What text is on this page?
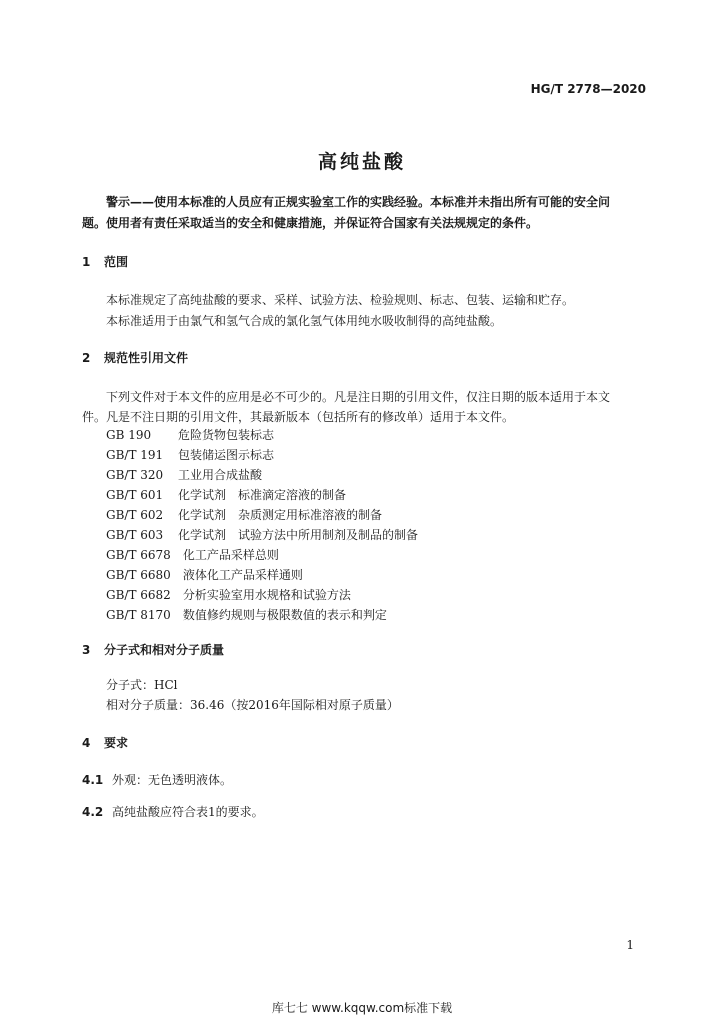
HG/T 2778—2020
高纯盐酸
警示——使用本标准的人员应有正规实验室工作的实践经验。本标准并未指出所有可能的安全问
题。使用者有责任采取适当的安全和健康措施，并保证符合国家有关法规规定的条件。
1 范围
本标准规定了高纯盐酸的要求、采样、试验方法、检验规则、标志、包装、运输和贮存。
本标准适用于由氯气和氢气合成的氯化氢气体用纯水吸收制得的高纯盐酸。
2 规范性引用文件
下列文件对于本文件的应用是必不可少的。凡是注日期的引用文件，仅注日期的版本适用于本文
件。凡是不注日期的引用文件，其最新版本（包括所有的修改单）适用于本文件。
GB 190　 危险货物包装标志
GB/T 191　 包装储运图示标志
GB/T 320　 工业用合成盐酸
GB/T 601　 化学试剂　标准滴定溶液的制备
GB/T 602　 化学试剂　杂质测定用标准溶液的制备
GB/T 603　 化学试剂　试验方法中所用制剂及制品的制备
GB/T 6678　 化工产品采样总则
GB/T 6680　 液体化工产品采样通则
GB/T 6682　 分析实验室用水规格和试验方法
GB/T 8170　 数值修约规则与极限数值的表示和判定
3 分子式和相对分子质量
分子式：HCl
相对分子质量：36.46（按2016年国际相对原子质量）
4 要求
4.1 外观：无色透明液体。
4.2 高纯盐酸应符合表1的要求。
1
库七七 www.kqqw.com标准下载
